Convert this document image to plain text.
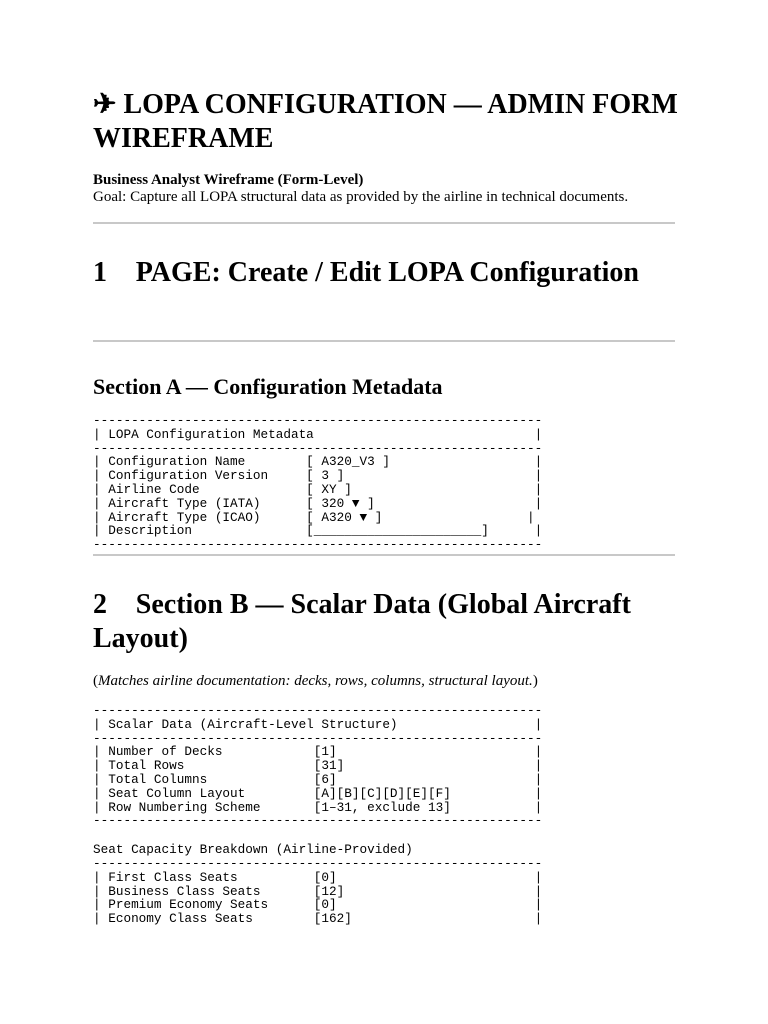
✈ LOPA CONFIGURATION — ADMIN FORM WIREFRAME
Business Analyst Wireframe (Form-Level)
Goal: Capture all LOPA structural data as provided by the airline in technical documents.
1⃣ PAGE: Create / Edit LOPA Configuration
Section A — Configuration Metadata
-----------------------------------------------------------
| LOPA Configuration Metadata                             |
-----------------------------------------------------------
| Configuration Name        [ A320_V3 ]                   |
| Configuration Version     [ 3 ]                         |
| Airline Code              [ XY ]                        |
| Aircraft Type (IATA)      [ 320 ▼ ]                     |
| Aircraft Type (ICAO)      [ A320 ▼ ]                   |
| Description               [______________________]      |
-----------------------------------------------------------
2⃣ Section B — Scalar Data (Global Aircraft Layout)
(Matches airline documentation: decks, rows, columns, structural layout.)
-----------------------------------------------------------
| Scalar Data (Aircraft-Level Structure)                  |
-----------------------------------------------------------
| Number of Decks            [1]                          |
| Total Rows                 [31]                         |
| Total Columns              [6]                          |
| Seat Column Layout         [A][B][C][D][E][F]           |
| Row Numbering Scheme       [1–31, exclude 13]           |
-----------------------------------------------------------
Seat Capacity Breakdown (Airline-Provided)
-----------------------------------------------------------
| First Class Seats          [0]                          |
| Business Class Seats       [12]                         |
| Premium Economy Seats      [0]                          |
| Economy Class Seats        [162]                        |
